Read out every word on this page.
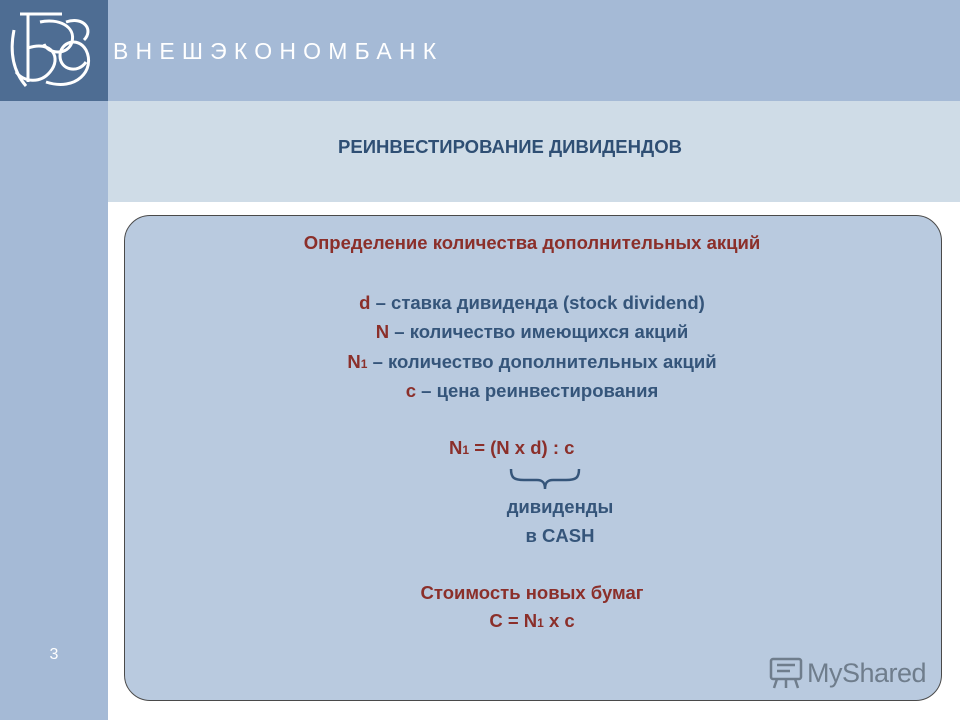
ВНЕШЭКОНОМБАНК
РЕИНВЕСТИРОВАНИЕ ДИВИДЕНДОВ
3
Определение количества дополнительных акций
d – ставка дивиденда (stock dividend)
N – количество имеющихся акций
N1 – количество дополнительных акций
c – цена реинвестирования
N1 = (N x d) : c
дивиденды
в CASH
Стоимость новых бумаг
C = N1 x c
MyShared
